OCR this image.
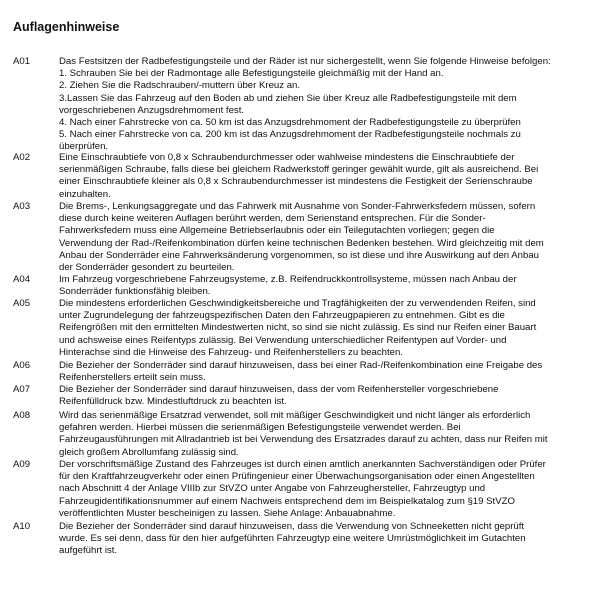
Auflagenhinweise
A01	Das Festsitzen der Radbefestigungsteile und der Räder ist nur sichergestellt, wenn Sie folgende Hinweise befolgen:
1. Schrauben Sie bei der Radmontage alle Befestigungsteile gleichmäßig mit der Hand an.
2. Ziehen Sie die Radschrauben/-muttern über Kreuz an.
3.Lassen Sie das Fahrzeug auf den Boden ab und ziehen Sie über Kreuz alle Radbefestigungsteile mit dem
vorgeschriebenen Anzugsdrehmoment fest.
4. Nach einer Fahrstrecke von ca. 50 km ist das Anzugsdrehmoment der Radbefestigungsteile zu überprüfen
5. Nach einer Fahrstrecke von ca. 200 km ist das Anzugsdrehmoment der Radbefestigungsteile nochmals zu
überprüfen.
A02	Eine Einschraubtiefe von 0,8 x Schraubendurchmesser oder wahlweise mindestens die Einschraubtiefe der
serienmäßigen Schraube, falls diese bei gleichem Radwerkstoff geringer gewählt wurde, gilt als ausreichend. Bei
einer Einschraubtiefe kleiner als 0,8 x Schraubendurchmesser ist mindestens die Festigkeit der Serienschraube
einzuhalten.
A03	Die Brems-, Lenkungsaggregate und das Fahrwerk mit Ausnahme von Sonder-Fahrwerksfedern müssen, sofern
diese durch keine weiteren Auflagen berührt werden, dem Serienstand entsprechen. Für die Sonder-
Fahrwerksfedern muss eine Allgemeine Betriebserlaubnis oder ein Teilegutachten vorliegen; gegen die
Verwendung der Rad-/Reifenkombination dürfen keine technischen Bedenken bestehen. Wird gleichzeitig mit dem
Anbau der Sonderräder eine Fahrwerksänderung vorgenommen, so ist diese und ihre Auswirkung auf den Anbau
der Sonderräder gesondert zu beurteilen.
A04	Im Fahrzeug vorgeschriebene Fahrzeugsysteme, z.B. Reifendruckkontrollsysteme, müssen nach Anbau der
Sonderräder funktionsfähig bleiben.
A05	Die mindestens erforderlichen Geschwindigkeitsbereiche und Tragfähigkeiten der zu verwendenden Reifen, sind
unter Zugrundelegung der fahrzeugspezifischen Daten den Fahrzeugpapieren zu entnehmen. Gibt es die
Reifengrößen mit den ermittelten Mindestwerten nicht, so sind sie nicht zulässig. Es sind nur Reifen einer Bauart
und achsweise eines Reifentyps zulässig. Bei Verwendung unterschiedlicher Reifentypen auf Vorder- und
Hinterachse sind die Hinweise des Fahrzeug- und Reifenherstellers zu beachten.
A06	Die Bezieher der Sonderräder sind darauf hinzuweisen, dass bei einer Rad-/Reifenkombination eine Freigabe des
Reifenherstellers erteilt sein muss.
A07	Die Bezieher der Sonderräder sind darauf hinzuweisen, dass der vom Reifenhersteller vorgeschriebene
Reifenfülldruck bzw. Mindestluftdruck zu beachten ist.
A08	Wird das serienmäßige Ersatzrad verwendet, soll mit mäßiger Geschwindigkeit und nicht länger als erforderlich
gefahren werden. Hierbei müssen die serienmäßigen Befestigungsteile verwendet werden. Bei
Fahrzeugausführungen mit Allradantrieb ist bei Verwendung des Ersatzrades darauf zu achten, dass nur Reifen mit
gleich großem Abrollumfang zulässig sind.
A09	Der vorschriftsmäßige Zustand des Fahrzeuges ist durch einen amtlich anerkannten Sachverständigen oder Prüfer
für den Kraftfahrzeugverkehr oder einen Prüfingenieur einer Überwachungsorganisation oder einen Angestellten
nach Abschnitt 4 der Anlage VIIIb zur StVZO unter Angabe von Fahrzeughersteller, Fahrzeugtyp und
Fahrzeugidentifikationsnummer auf einem Nachweis entsprechend dem im Beispielkatalog zum §19 StVZO
veröffentlichten Muster bescheinigen zu lassen. Siehe Anlage: Anbauabnahme.
A10	Die Bezieher der Sonderräder sind darauf hinzuweisen, dass die Verwendung von Schneeketten nicht geprüft
wurde. Es sei denn, dass für den hier aufgeführten Fahrzeugtyp eine weitere Umrüstmöglichkeit im Gutachten
aufgeführt ist.
